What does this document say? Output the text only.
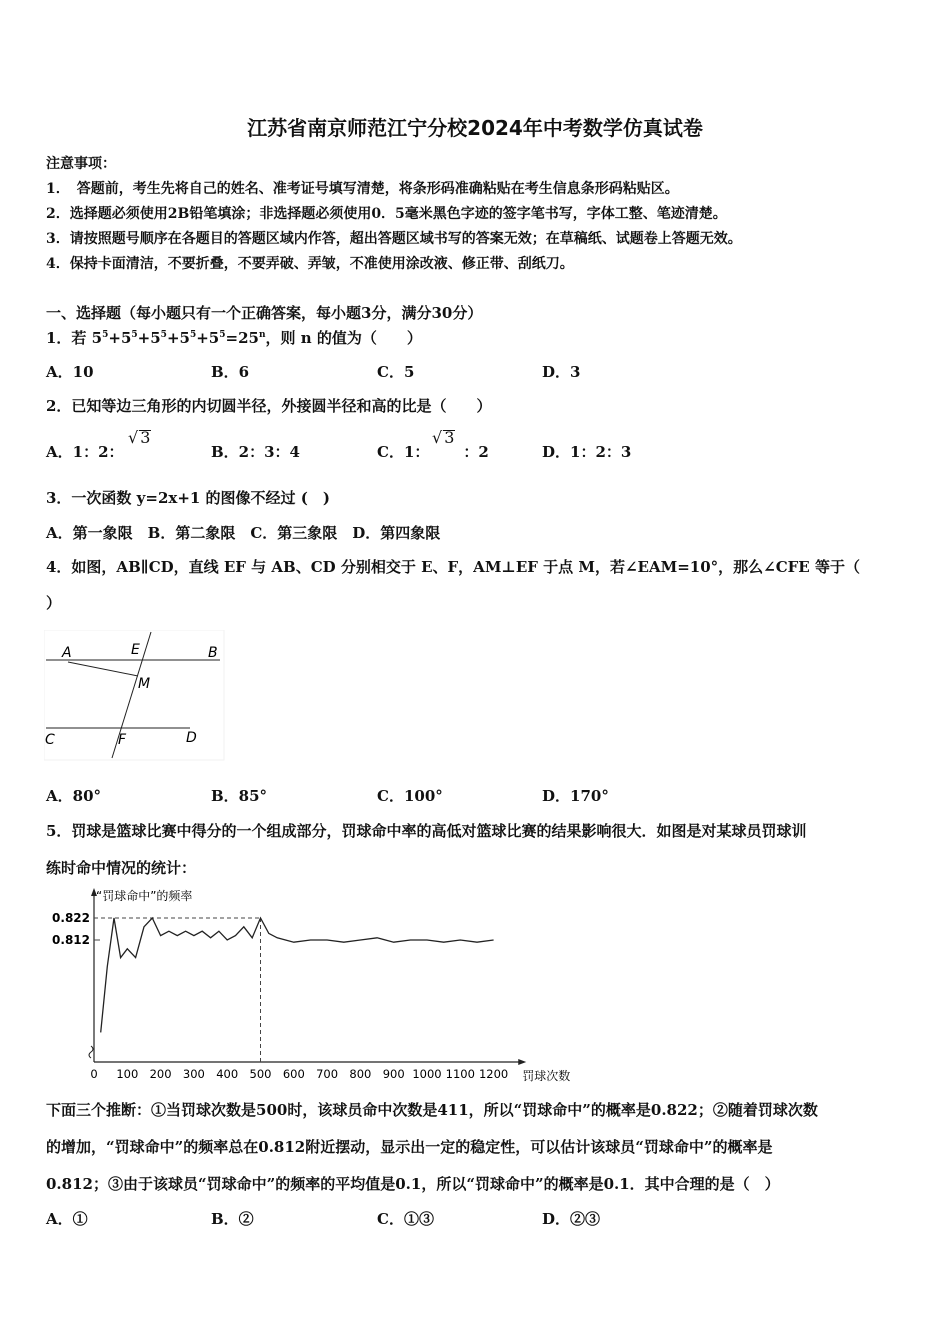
江苏省南京师范江宁分校2024年中考数学仿真试卷
注意事项：
1．　答题前，考生先将自己的姓名、准考证号填写清楚，将条形码准确粘贴在考生信息条形码粘贴区。
2．选择题必须使用2B铅笔填涂；非选择题必须使用0．5毫米黑色字迹的签字笔书写，字体工整、笔迹清楚。
3．请按照题号顺序在各题目的答题区域内作答，超出答题区域书写的答案无效；在草稿纸、试题卷上答题无效。
4．保持卡面清洁，不要折叠，不要弄破、弄皱，不准使用涂改液、修正带、刮纸刀。
一、选择题（每小题只有一个正确答案，每小题3分，满分30分）
1．若 $5^5+5^5+5^5+5^5+5^5=25^n$，则 n 的值为（　　）
A．10	B．6	C．5	D．3
2．已知等边三角形的内切圆半径，外接圆半径和高的比是（　　）
A．1：2：
√ 3
B．2：3：4	C．1： ：2
√ 3
D．1：2：3
3．一次函数 y=2x+1 的图像不经过 (　)
A．第一象限　B．第二象限　C．第三象限　D．第四象限
4．如图，AB∥CD，直线 EF 与 AB、CD 分别相交于 E、F，AM⊥EF 于点 M，若∠EAM=10°，那么∠CFE 等于（
）
A	E	B
M
C	F	D
A．80°	B．85°	C．100°	D．170°
5．罚球是篮球比赛中得分的一个组成部分，罚球命中率的高低对篮球比赛的结果影响很大．如图是对某球员罚球训
练时命中情况的统计：
“罚球命中”的频率
罚球次数
0.822
0.812
0 100 200 300 400 500 600 700 800 900 1000 1100 1200
下面三个推断：①当罚球次数是500时，该球员命中次数是411，所以“罚球命中”的概率是0.822；②随着罚球次数
的增加，“罚球命中”的频率总在0.812附近摆动，显示出一定的稳定性，可以估计该球员“罚球命中”的概率是
0.812；③由于该球员“罚球命中”的频率的平均值是0.1，所以“罚球命中”的概率是0.1．其中合理的是（　）
A．①	B．②	C．①③	D．②③
